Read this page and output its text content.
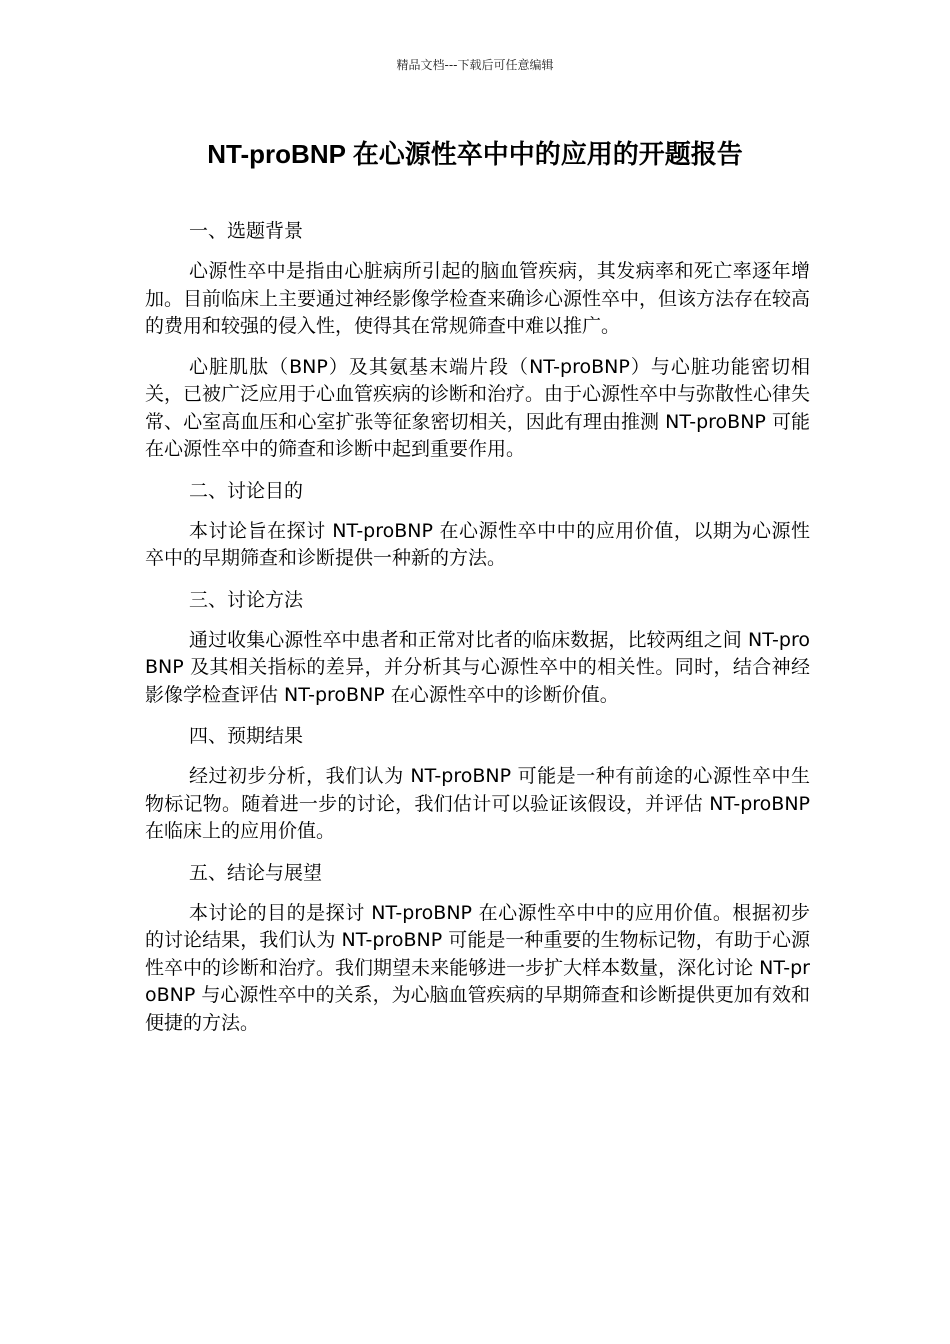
精品文档---下载后可任意编辑
NT-proBNP 在心源性卒中中的应用的开题报告
一、选题背景

心源性卒中是指由心脏病所引起的脑血管疾病，其发病率和死亡率逐年增加。目前临床上主要通过神经影像学检查来确诊心源性卒中，但该方法存在较高的费用和较强的侵入性，使得其在常规筛查中难以推广。

心脏肌肽（BNP）及其氨基末端片段（NT-proBNP）与心脏功能密切相关，已被广泛应用于心血管疾病的诊断和治疗。由于心源性卒中与弥散性心律失常、心室高血压和心室扩张等征象密切相关，因此有理由推测 NT-proBNP 可能在心源性卒中的筛查和诊断中起到重要作用。

二、讨论目的

本讨论旨在探讨 NT-proBNP 在心源性卒中中的应用价值，以期为心源性卒中的早期筛查和诊断提供一种新的方法。

三、讨论方法

通过收集心源性卒中患者和正常对比者的临床数据，比较两组之间 NT-proBNP 及其相关指标的差异，并分析其与心源性卒中的相关性。同时，结合神经影像学检查评估 NT-proBNP 在心源性卒中的诊断价值。

四、预期结果

经过初步分析，我们认为 NT-proBNP 可能是一种有前途的心源性卒中生物标记物。随着进一步的讨论，我们估计可以验证该假设，并评估 NT-proBNP 在临床上的应用价值。

五、结论与展望

本讨论的目的是探讨 NT-proBNP 在心源性卒中中的应用价值。根据初步的讨论结果，我们认为 NT-proBNP 可能是一种重要的生物标记物，有助于心源性卒中的诊断和治疗。我们期望未来能够进一步扩大样本数量，深化讨论 NT-proBNP 与心源性卒中的关系，为心脑血管疾病的早期筛查和诊断提供更加有效和便捷的方法。
